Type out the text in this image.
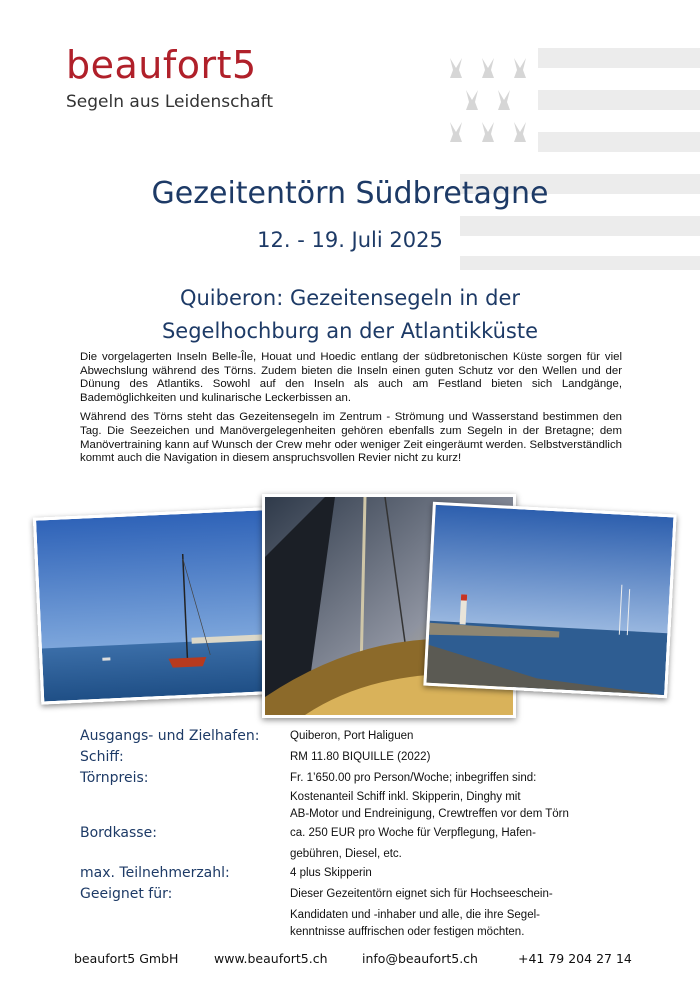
beaufort5
Segeln aus Leidenschaft
Gezeitentörn Südbretagne
12. - 19. Juli 2025
Quiberon: Gezeitensegeln in der
Segelhochburg an der Atlantikküste

Die vorgelagerten Inseln Belle-Île, Houat und Hoedic entlang der südbretonischen Küste sorgen für viel Abwechslung während des Törns. Zudem bieten die Inseln einen guten Schutz vor den Wellen und der Dünung des Atlantiks. Sowohl auf den Inseln als auch am Festland bieten sich Landgänge, Bademöglichkeiten und kulinarische Leckerbissen an.

Während des Törns steht das Gezeitensegeln im Zentrum - Strömung und Wasserstand bestimmen den Tag. Die Seezeichen und Manövergelegenheiten gehören ebenfalls zum Segeln in der Bretagne; dem Manövertraining kann auf Wunsch der Crew mehr oder weniger Zeit eingeräumt werden. Selbstverständlich kommt auch die Navigation in diesem anspruchsvollen Revier nicht zu kurz!

Ausgangs- und Zielhafen:	Quiberon, Port Haliguen
Schiff:	RM 11.80 BIQUILLE (2022)
Törnpreis:	Fr. 1’650.00 pro Person/Woche; inbegriffen sind:
Kostenanteil Schiff inkl. Skipperin, Dinghy mit
AB-Motor und Endreinigung, Crewtreffen vor dem Törn
Bordkasse:	ca. 250 EUR pro Woche für Verpflegung, Hafen-
gebühren, Diesel, etc.
max. Teilnehmerzahl:	4 plus Skipperin
Geeignet für:	Dieser Gezeitentörn eignet sich für Hochseeschein-
Kandidaten und -inhaber und alle, die ihre Segel-
kenntnisse auffrischen oder festigen möchten.
beaufort5 GmbH	www.beaufort5.ch	info@beaufort5.ch	+41 79 204 27 14
